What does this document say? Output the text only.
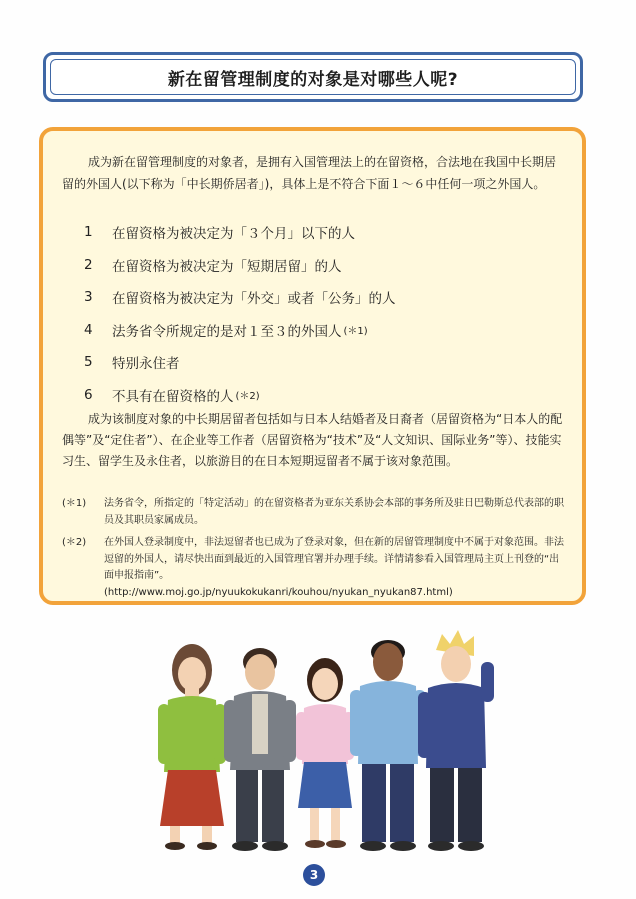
新在留管理制度的对象是对哪些人呢?

成为新在留管理制度的对象者，是拥有入国管理法上的在留资格，合法地在我国中长期居留的外国人(以下称为「中长期侨居者」)，具体上是不符合下面１～６中任何一项之外国人。

1	在留资格为被决定为「３个月」以下的人
2	在留资格为被决定为「短期居留」的人
3	在留资格为被决定为「外交」或者「公务」的人
4	法务省令所规定的是对１至３的外国人 (＊1)
5	特别永住者
6	不具有在留资格的人 (＊2)

成为该制度对象的中长期居留者包括如与日本人结婚者及日裔者（居留资格为“日本人的配偶等”及“定住者”）、在企业等工作者（居留资格为“技术”及“人文知识、国际业务”等）、技能实习生、留学生及永住者，以旅游目的在日本短期逗留者不属于该对象范围。

(＊1)	法务省令，所指定的「特定活动」的在留资格者为亚东关系协会本部的事务所及驻日巴勒斯总代表部的职员及其职员家属成员。
(＊2)	在外国人登录制度中，非法逗留者也已成为了登录对象，但在新的居留管理制度中不属于对象范围。非法逗留的外国人，请尽快出面到最近的入国管理官署并办理手续。详情请参看入国管理局主页上刊登的“出面申报指南”。
(http://www.moj.go.jp/nyuukokukanri/kouhou/nyukan_nyukan87.html)
3
